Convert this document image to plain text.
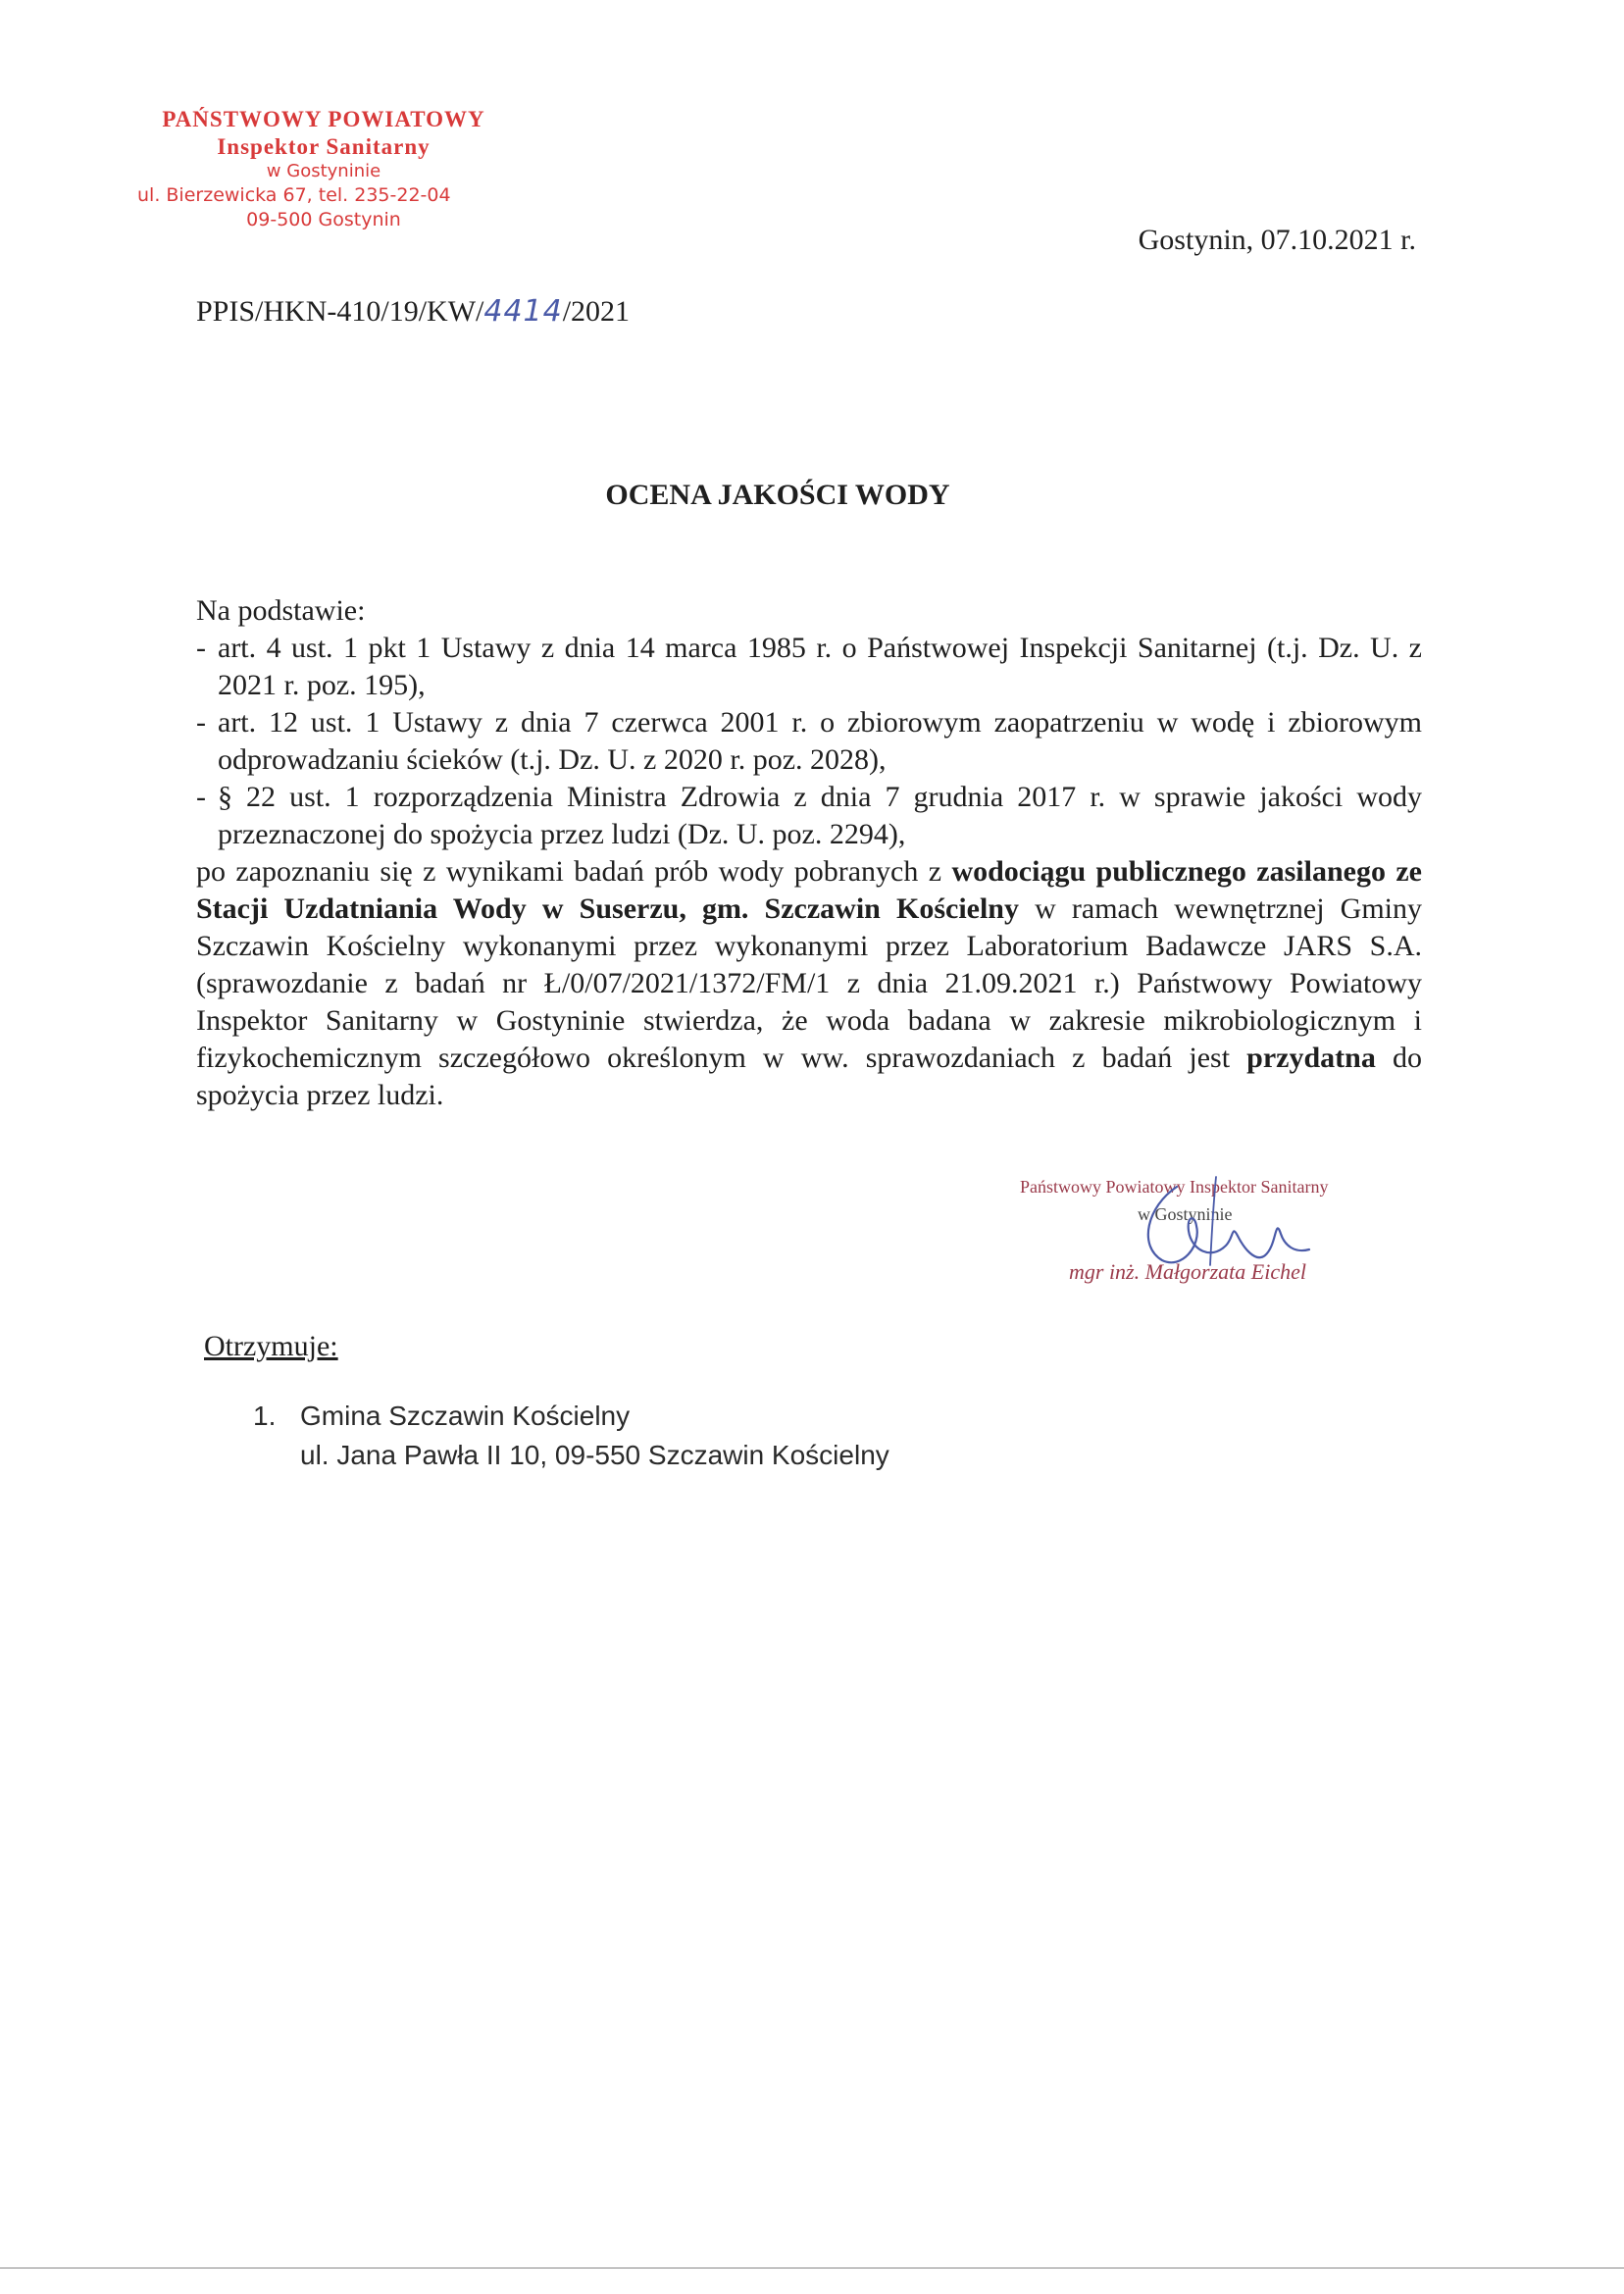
PAŃSTWOWY POWIATOWY
Inspektor Sanitarny
w Gostyninie
ul. Bierzewicka 67, tel. 235-22-04
09-500 Gostynin
Gostynin, 07.10.2021 r.
PPIS/HKN-410/19/KW/4414/2021
OCENA JAKOŚCI WODY

Na podstawie:

- art. 4 ust. 1 pkt 1 Ustawy z dnia 14 marca 1985 r. o Państwowej Inspekcji Sanitarnej (t.j. Dz. U. z 2021 r. poz. 195),
- art. 12 ust. 1 Ustawy z dnia 7 czerwca 2001 r. o zbiorowym zaopatrzeniu w wodę i zbiorowym odprowadzaniu ścieków (t.j. Dz. U. z 2020 r. poz. 2028),
- § 22 ust. 1 rozporządzenia Ministra Zdrowia z dnia 7 grudnia 2017 r. w sprawie jakości wody przeznaczonej do spożycia przez ludzi (Dz. U. poz. 2294),

po zapoznaniu się z wynikami badań prób wody pobranych z wodociągu publicznego zasilanego ze Stacji Uzdatniania Wody w Suserzu, gm. Szczawin Kościelny w ramach wewnętrznej Gminy Szczawin Kościelny wykonanymi przez wykonanymi przez Laboratorium Badawcze JARS S.A. (sprawozdanie z badań nr Ł/0/07/2021/1372/FM/1 z dnia 21.09.2021 r.) Państwowy Powiatowy Inspektor Sanitarny w Gostyninie stwierdza, że woda badana w zakresie mikrobiologicznym i fizykochemicznym szczegółowo określonym w ww. sprawozdaniach z badań jest przydatna do spożycia przez ludzi.

Państwowy Powiatowy Inspektor Sanitarny
w Gostyninie
mgr inż. Małgorzata Eichel
Otrzymuje:
1. Gmina Szczawin Kościelny
ul. Jana Pawła II 10, 09-550 Szczawin Kościelny
